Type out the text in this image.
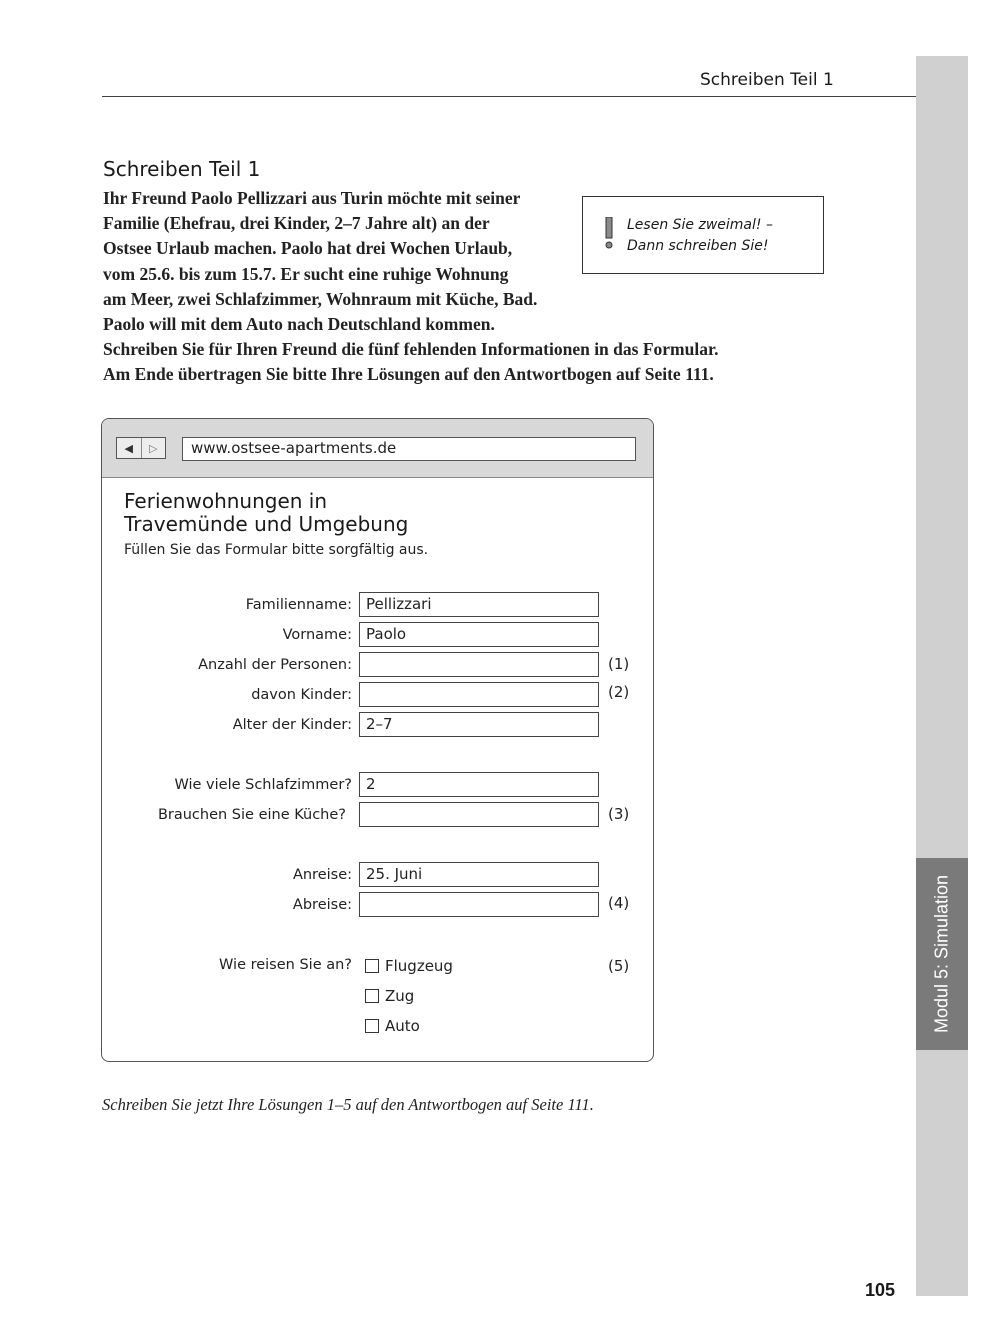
Modul 5: Simulation
Schreiben Teil 1
Schreiben Teil 1
Ihr Freund Paolo Pellizzari aus Turin möchte mit seiner
Familie (Ehefrau, drei Kinder, 2–7 Jahre alt) an der
Ostsee Urlaub machen. Paolo hat drei Wochen Urlaub,
vom 25.6. bis zum 15.7. Er sucht eine ruhige Wohnung
am Meer, zwei Schlafzimmer, Wohnraum mit Küche, Bad.
Paolo will mit dem Auto nach Deutschland kommen.
Schreiben Sie für Ihren Freund die fünf fehlenden Informationen in das Formular.
Am Ende übertragen Sie bitte Ihre Lösungen auf den Antwortbogen auf Seite 111.
Lesen Sie zweimal! –
Dann schreiben Sie!
◀	▷	www.ostsee-apartments.de
Ferienwohnungen in
Travemünde und Umgebung
Füllen Sie das Formular bitte sorgfältig aus.
Familienname: Pellizzari
Vorname: Paolo
Anzahl der Personen:	(1)
davon Kinder:	(2)
Alter der Kinder: 2–7
Wie viele Schlafzimmer? 2
Brauchen Sie eine Küche?	(3)
Anreise: 25. Juni
Abreise:	(4)
Wie reisen Sie an?	(5)
Flugzeug
Zug
Auto
Schreiben Sie jetzt Ihre Lösungen 1–5 auf den Antwortbogen auf Seite 111.
105
